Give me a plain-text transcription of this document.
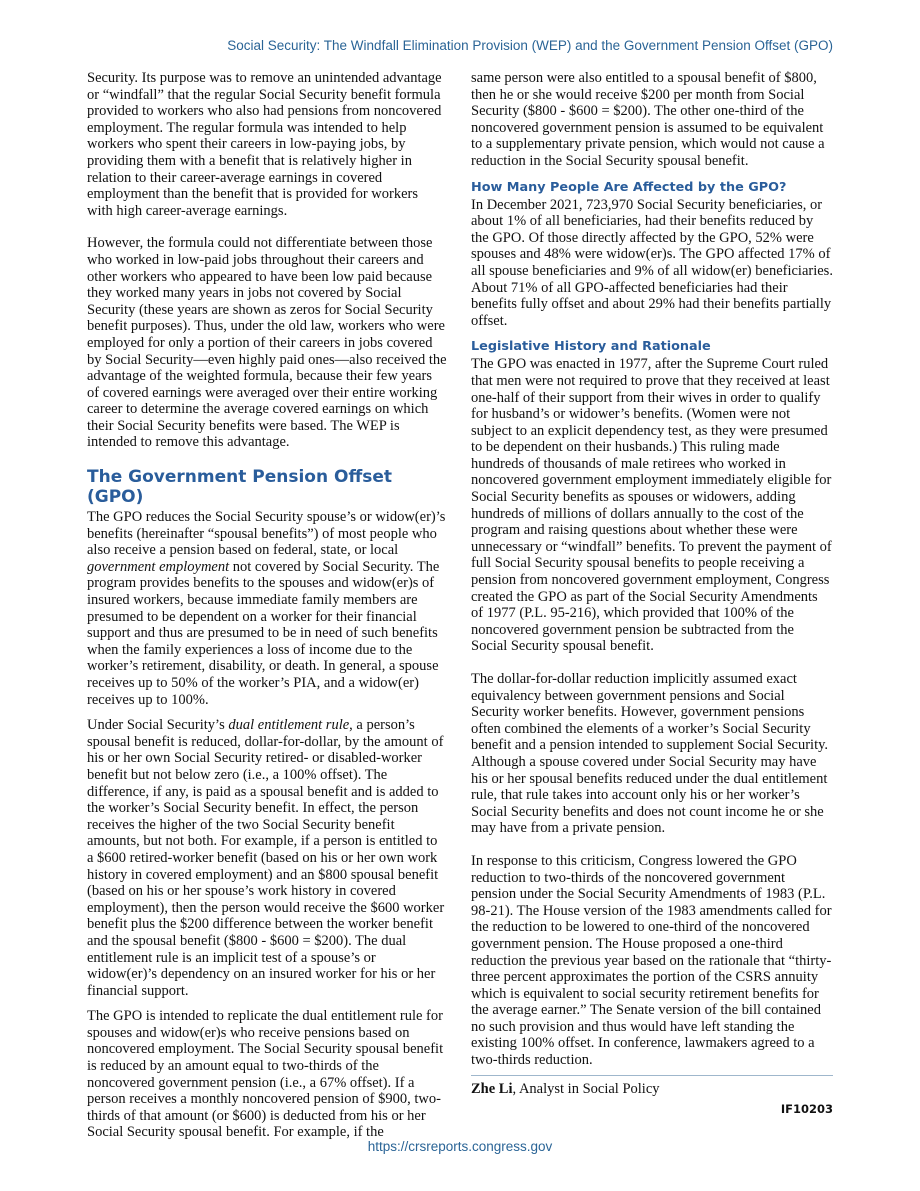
Social Security: The Windfall Elimination Provision (WEP) and the Government Pension Offset (GPO)

Security. Its purpose was to remove an unintended advantage or “windfall” that the regular Social Security benefit formula provided to workers who also had pensions from noncovered employment. The regular formula was intended to help workers who spent their careers in low-paying jobs, by providing them with a benefit that is relatively higher in relation to their career-average earnings in covered employment than the benefit that is provided for workers with high career-average earnings.

However, the formula could not differentiate between those who worked in low-paid jobs throughout their careers and other workers who appeared to have been low paid because they worked many years in jobs not covered by Social Security (these years are shown as zeros for Social Security benefit purposes). Thus, under the old law, workers who were employed for only a portion of their careers in jobs covered by Social Security—even highly paid ones—also received the advantage of the weighted formula, because their few years of covered earnings were averaged over their entire working career to determine the average covered earnings on which their Social Security benefits were based. The WEP is intended to remove this advantage.

The Government Pension Offset (GPO)

The GPO reduces the Social Security spouse’s or widow(er)’s benefits (hereinafter “spousal benefits”) of most people who also receive a pension based on federal, state, or local government employment not covered by Social Security. The program provides benefits to the spouses and widow(er)s of insured workers, because immediate family members are presumed to be dependent on a worker for their financial support and thus are presumed to be in need of such benefits when the family experiences a loss of income due to the worker’s retirement, disability, or death. In general, a spouse receives up to 50% of the worker’s PIA, and a widow(er) receives up to 100%.

Under Social Security’s dual entitlement rule, a person’s spousal benefit is reduced, dollar-for-dollar, by the amount of his or her own Social Security retired- or disabled-worker benefit but not below zero (i.e., a 100% offset). The difference, if any, is paid as a spousal benefit and is added to the worker’s Social Security benefit. In effect, the person receives the higher of the two Social Security benefit amounts, but not both. For example, if a person is entitled to a $600 retired-worker benefit (based on his or her own work history in covered employment) and an $800 spousal benefit (based on his or her spouse’s work history in covered employment), then the person would receive the $600 worker benefit plus the $200 difference between the worker benefit and the spousal benefit ($800 - $600 = $200). The dual entitlement rule is an implicit test of a spouse’s or widow(er)’s dependency on an insured worker for his or her financial support.

The GPO is intended to replicate the dual entitlement rule for spouses and widow(er)s who receive pensions based on noncovered employment. The Social Security spousal benefit is reduced by an amount equal to two-thirds of the noncovered government pension (i.e., a 67% offset). If a person receives a monthly noncovered pension of $900, two-thirds of that amount (or $600) is deducted from his or her Social Security spousal benefit. For example, if the

same person were also entitled to a spousal benefit of $800, then he or she would receive $200 per month from Social Security ($800 - $600 = $200). The other one-third of the noncovered government pension is assumed to be equivalent to a supplementary private pension, which would not cause a reduction in the Social Security spousal benefit.

How Many People Are Affected by the GPO?

In December 2021, 723,970 Social Security beneficiaries, or about 1% of all beneficiaries, had their benefits reduced by the GPO. Of those directly affected by the GPO, 52% were spouses and 48% were widow(er)s. The GPO affected 17% of all spouse beneficiaries and 9% of all widow(er) beneficiaries. About 71% of all GPO-affected beneficiaries had their benefits fully offset and about 29% had their benefits partially offset.

Legislative History and Rationale

The GPO was enacted in 1977, after the Supreme Court ruled that men were not required to prove that they received at least one-half of their support from their wives in order to qualify for husband’s or widower’s benefits. (Women were not subject to an explicit dependency test, as they were presumed to be dependent on their husbands.) This ruling made hundreds of thousands of male retirees who worked in noncovered government employment immediately eligible for Social Security benefits as spouses or widowers, adding hundreds of millions of dollars annually to the cost of the program and raising questions about whether these were unnecessary or “windfall” benefits. To prevent the payment of full Social Security spousal benefits to people receiving a pension from noncovered government employment, Congress created the GPO as part of the Social Security Amendments of 1977 (P.L. 95-216), which provided that 100% of the noncovered government pension be subtracted from the Social Security spousal benefit.

The dollar-for-dollar reduction implicitly assumed exact equivalency between government pensions and Social Security worker benefits. However, government pensions often combined the elements of a worker’s Social Security benefit and a pension intended to supplement Social Security. Although a spouse covered under Social Security may have his or her spousal benefits reduced under the dual entitlement rule, that rule takes into account only his or her worker’s Social Security benefits and does not count income he or she may have from a private pension.

In response to this criticism, Congress lowered the GPO reduction to two-thirds of the noncovered government pension under the Social Security Amendments of 1983 (P.L. 98-21). The House version of the 1983 amendments called for the reduction to be lowered to one-third of the noncovered government pension. The House proposed a one-third reduction the previous year based on the rationale that “thirty-three percent approximates the portion of the CSRS annuity which is equivalent to social security retirement benefits for the average earner.” The Senate version of the bill contained no such provision and thus would have left standing the existing 100% offset. In conference, lawmakers agreed to a two-thirds reduction.

Zhe Li, Analyst in Social Policy
IF10203
https://crsreports.congress.gov
